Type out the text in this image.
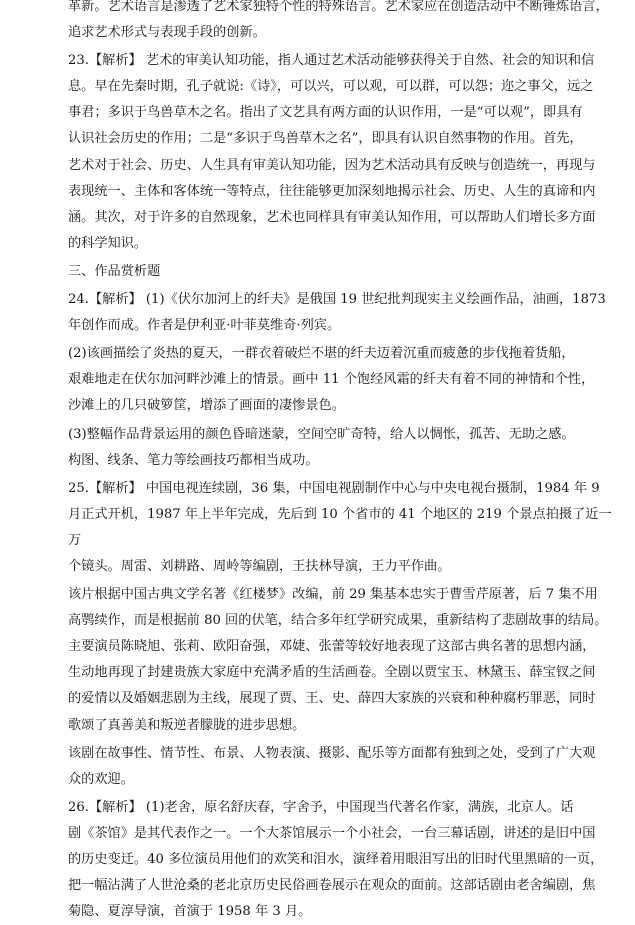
革新。艺术语言是渗透了艺术家独特个性的特殊语言。艺术家应在创造活动中不断锤炼语言，
追求艺术形式与表现手段的创新。

23.【解析】 艺术的审美认知功能，指人通过艺术活动能够获得关于自然、社会的知识和信
息。早在先秦时期，孔子就说:《诗》，可以兴，可以观，可以群，可以怨；迩之事父，远之
事君；多识于鸟兽草木之名。指出了文艺具有两方面的认识作用，一是“可以观”，即具有
认识社会历史的作用；二是“多识于鸟兽草木之名”，即具有认识自然事物的作用。首先，
艺术对于社会、历史、人生具有审美认知功能，因为艺术活动具有反映与创造统一，再现与
表现统一、主体和客体统一等特点，往往能够更加深刻地揭示社会、历史、人生的真谛和内
涵。其次，对于许多的自然现象，艺术也同样具有审美认知作用，可以帮助人们增长多方面
的科学知识。

三、作品赏析题

24.【解析】 (1)《伏尔加河上的纤夫》是俄国 19 世纪批判现实主义绘画作品，油画，1873
年创作而成。作者是伊利亚·叶菲莫维奇·列宾。

(2)该画描绘了炎热的夏天，一群衣着破烂不堪的纤夫迈着沉重而疲惫的步伐拖着货船，
艰难地走在伏尔加河畔沙滩上的情景。画中 11 个饱经风霜的纤夫有着不同的神情和个性，
沙滩上的几只破箩筐，增添了画面的凄惨景色。

(3)整幅作品背景运用的颜色昏暗迷蒙，空间空旷奇特，给人以惆怅，孤苦、无助之感。
构图、线条、笔力等绘画技巧都相当成功。

25.【解析】 中国电视连续剧，36 集，中国电视剧制作中心与中央电视台摄制，1984 年 9
月正式开机，1987 年上半年完成，先后到 10 个省市的 41 个地区的 219 个景点拍摄了近一万
个镜头。周雷、刘耕路、周岭等编剧，王扶林导演，王力平作曲。

该片根据中国古典文学名著《红楼梦》改编，前 29 集基本忠实于曹雪芹原著，后 7 集不用
高鹗续作，而是根据前 80 回的伏笔，结合多年红学研究成果，重新结构了悲剧故事的结局。
主要演员陈晓旭、张莉、欧阳奋强，邓婕、张蕾等较好地表现了这部古典名著的思想内涵，
生动地再现了封建贵族大家庭中充满矛盾的生活画卷。全剧以贾宝玉、林黛玉、薛宝钗之间
的爱情以及婚姻悲剧为主线，展现了贾、王、史、薛四大家族的兴衰和种种腐朽罪恶，同时
歌颂了真善美和叛逆者朦胧的进步思想。

该剧在故事性、情节性、布景、人物表演、摄影、配乐等方面都有独到之处，受到了广大观
众的欢迎。

26.【解析】 (1)老舍，原名舒庆春，字舍予，中国现当代著名作家，满族，北京人。话
剧《茶馆》是其代表作之一。一个大茶馆展示一个小社会，一台三幕话剧，讲述的是旧中国
的历史变迁。40 多位演员用他们的欢笑和泪水，演绎着用眼泪写出的旧时代里黑暗的一页，
把一幅沾满了人世沧桑的老北京历史民俗画卷展示在观众的面前。这部话剧由老舍编剧，焦
菊隐、夏淳导演，首演于 1958 年 3 月。
